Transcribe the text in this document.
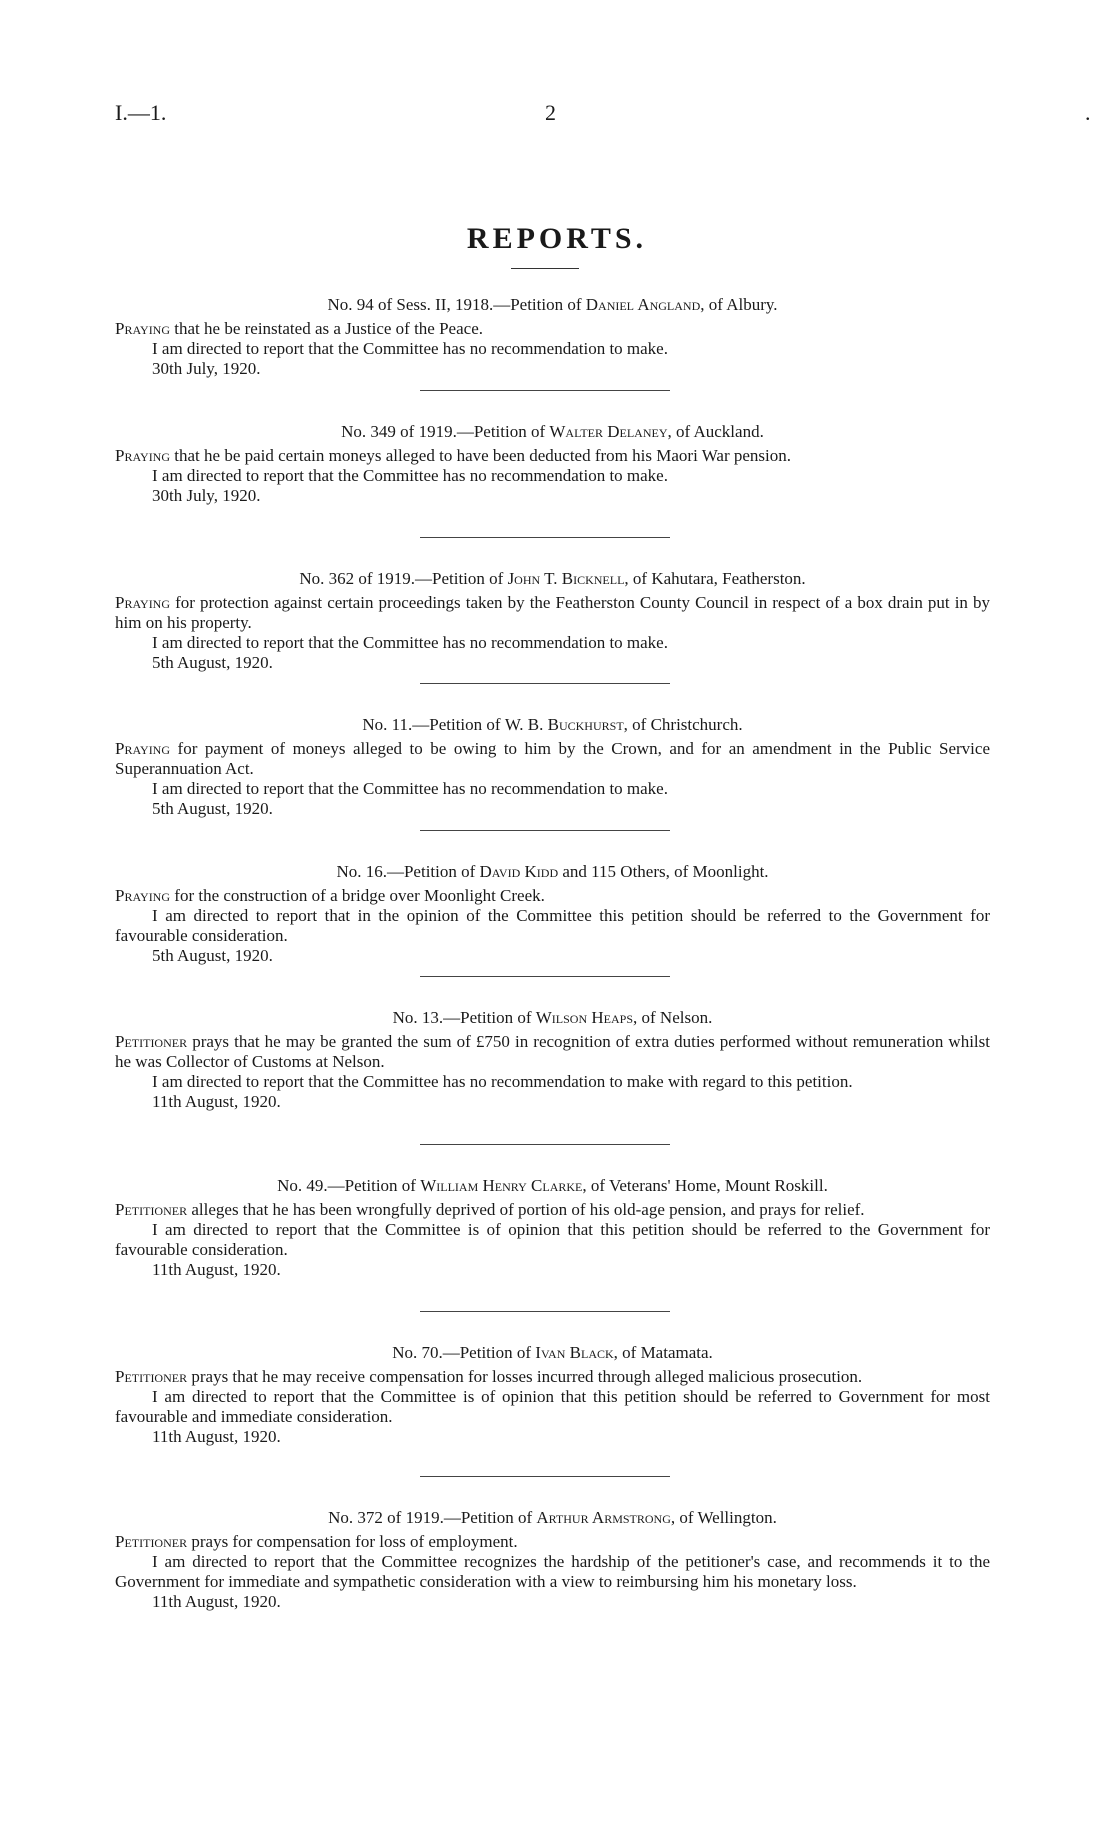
I.—1.	2	.
REPORTS.
No. 94 of Sess. II, 1918.—Petition of Daniel Angland, of Albury.
Praying that he be reinstated as a Justice of the Peace.
I am directed to report that the Committee has no recommendation to make.
30th July, 1920.
No. 349 of 1919.—Petition of Walter Delaney, of Auckland.
Praying that he be paid certain moneys alleged to have been deducted from his Maori War pension.
I am directed to report that the Committee has no recommendation to make.
30th July, 1920.
No. 362 of 1919.—Petition of John T. Bicknell, of Kahutara, Featherston.
Praying for protection against certain proceedings taken by the Featherston County Council in respect of a box drain put in by him on his property.
I am directed to report that the Committee has no recommendation to make.
5th August, 1920.
No. 11.—Petition of W. B. Buckhurst, of Christchurch.
Praying for payment of moneys alleged to be owing to him by the Crown, and for an amendment in the Public Service Superannuation Act.
I am directed to report that the Committee has no recommendation to make.
5th August, 1920.
No. 16.—Petition of David Kidd and 115 Others, of Moonlight.
Praying for the construction of a bridge over Moonlight Creek.
I am directed to report that in the opinion of the Committee this petition should be referred to the Government for favourable consideration.
5th August, 1920.
No. 13.—Petition of Wilson Heaps, of Nelson.
Petitioner prays that he may be granted the sum of £750 in recognition of extra duties performed without remuneration whilst he was Collector of Customs at Nelson.
I am directed to report that the Committee has no recommendation to make with regard to this petition.
11th August, 1920.
No. 49.—Petition of William Henry Clarke, of Veterans' Home, Mount Roskill.
Petitioner alleges that he has been wrongfully deprived of portion of his old-age pension, and prays for relief.
I am directed to report that the Committee is of opinion that this petition should be referred to the Government for favourable consideration.
11th August, 1920.
No. 70.—Petition of Ivan Black, of Matamata.
Petitioner prays that he may receive compensation for losses incurred through alleged malicious prosecution.
I am directed to report that the Committee is of opinion that this petition should be referred to Government for most favourable and immediate consideration.
11th August, 1920.
No. 372 of 1919.—Petition of Arthur Armstrong, of Wellington.
Petitioner prays for compensation for loss of employment.
I am directed to report that the Committee recognizes the hardship of the petitioner's case, and recommends it to the Government for immediate and sympathetic consideration with a view to reimbursing him his monetary loss.
11th August, 1920.
